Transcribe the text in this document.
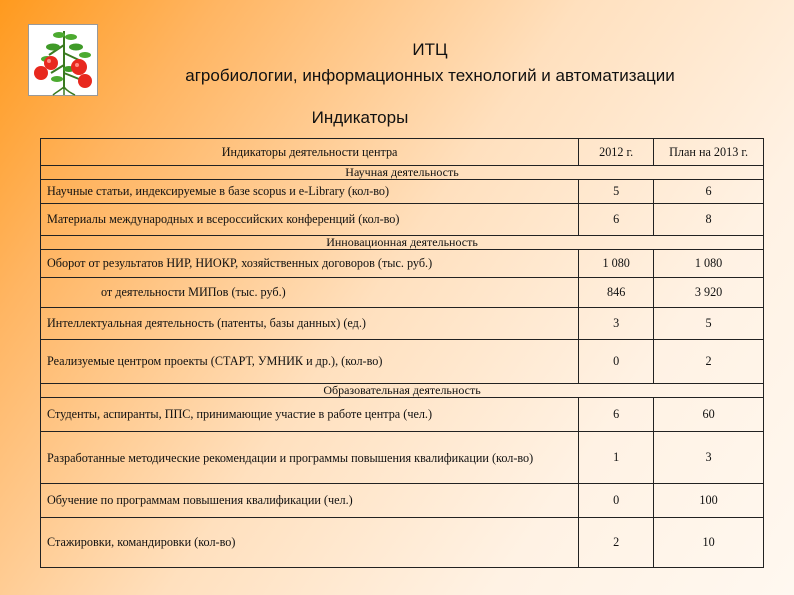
ИТЦ
агробиологии, информационных технологий и автоматизации
Индикаторы
Индикаторы деятельности центра	2012 г.	План на 2013 г.
Научная деятельность		
Научные статьи, индексируемые в базе scopus и e-Library (кол-во)	5	6
Материалы международных и всероссийских конференций (кол-во)	6	8
Инновационная деятельность		
Оборот от результатов НИР, НИОКР, хозяйственных договоров (тыс. руб.)	1 080	1 080
от деятельности МИПов (тыс. руб.)	846	3 920
Интеллектуальная деятельность (патенты, базы данных) (ед.)	3	5
Реализуемые центром проекты (СТАРТ, УМНИК и др.), (кол-во)	0	2
Образовательная деятельность		
Студенты, аспиранты, ППС, принимающие участие в работе центра (чел.)	6	60
Разработанные методические рекомендации и программы повышения квалификации (кол-во)	1	3
Обучение по программам повышения квалификации (чел.)	0	100
Стажировки, командировки (кол-во)	2	10
